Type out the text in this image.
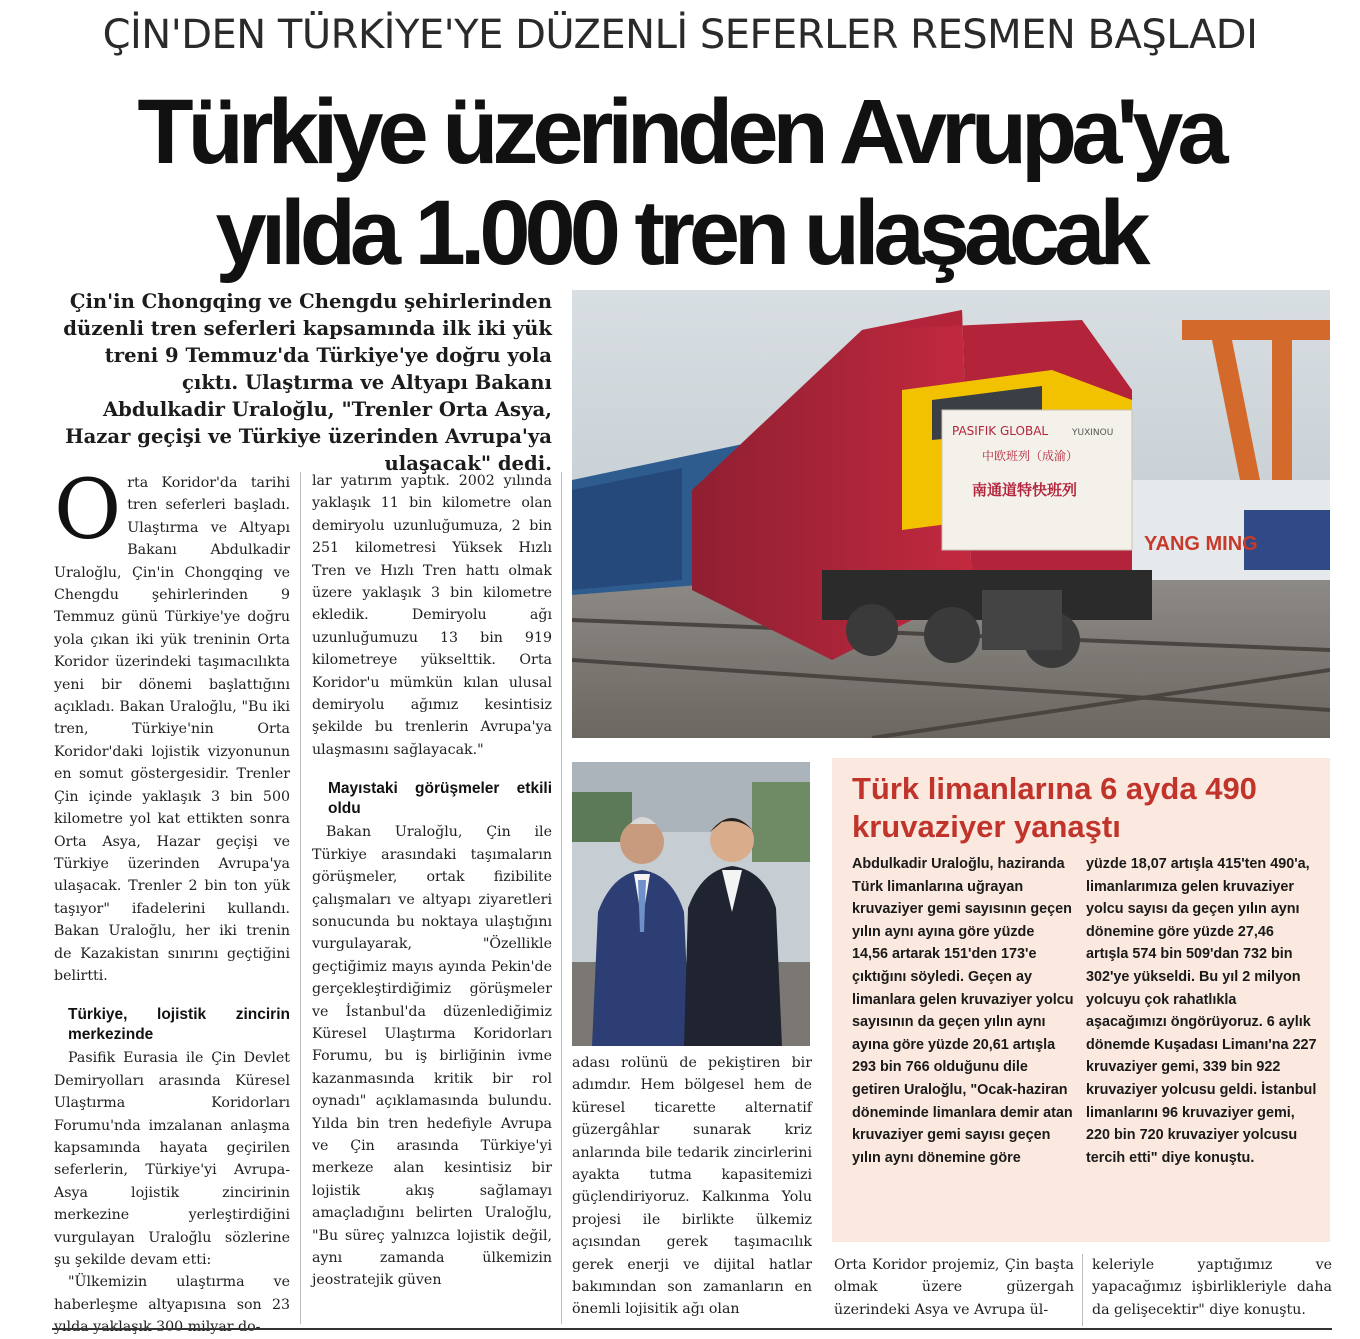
ÇİN'DEN TÜRKİYE'YE DÜZENLİ SEFERLER RESMEN BAŞLADI
Türkiye üzerinden Avrupa'ya
yılda 1.000 tren ulaşacak

Çin'in Chongqing ve Chengdu şehirlerinden düzenli tren seferleri kapsamında ilk iki yük treni 9 Temmuz'da Türkiye'ye doğru yola çıktı. Ulaştırma ve Altyapı Bakanı Abdulkadir Uraloğlu, "Trenler Orta Asya, Hazar geçişi ve Türkiye üzerinden Avrupa'ya ulaşacak" dedi.

O rta Koridor'da tarihi tren seferleri başladı. Ulaştırma ve Altyapı Bakanı Abdulkadir Uraloğlu, Çin'in Chongqing ve Chengdu şehirlerinden 9 Temmuz günü Türkiye'ye doğru yola çıkan iki yük treninin Orta Koridor üzerindeki taşımacılıkta yeni bir dönemi başlattığını açıkladı. Bakan Uraloğlu, "Bu iki tren, Türkiye'nin Orta Koridor'daki lojistik vizyonunun en somut göstergesidir. Trenler Çin içinde yaklaşık 3 bin 500 kilometre yol kat ettikten sonra Orta Asya, Hazar geçişi ve Türkiye üzerinden Avrupa'ya ulaşacak. Trenler 2 bin ton yük taşıyor" ifadelerini kullandı. Bakan Uraloğlu, her iki trenin de Kazakistan sınırını geçtiğini belirtti.

Türkiye, lojistik zincirin merkezinde

Pasifik Eurasia ile Çin Devlet Demiryolları arasında Küresel Ulaştırma Koridorları Forumu'nda imzalanan anlaşma kapsamında hayata geçirilen seferlerin, Türkiye'yi Avrupa-Asya lojistik zincirinin merkezine yerleştirdiğini vurgulayan Uraloğlu sözlerine şu şekilde devam etti:

"Ülkemizin ulaştırma ve haberleşme altyapısına son 23

lar yatırım yaptık. 2002 yılında yaklaşık 11 bin kilometre olan demiryolu uzunluğumuza, 2 bin 251 kilometresi Yüksek Hızlı Tren ve Hızlı Tren hattı olmak üzere yaklaşık 3 bin kilometre ekledik. Demiryolu ağı uzunluğumuzu 13 bin 919 kilometreye yükselttik. Orta Koridor'u mümkün kılan ulusal demiryolu ağımız kesintisiz şekilde bu trenlerin Avrupa'ya ulaşmasını sağlayacak."

Mayıstaki görüşmeler etkili oldu

Bakan Uraloğlu, Çin ile Türkiye arasındaki taşımaların görüşmeler, ortak fizibilite çalışmaları ve altyapı ziyaretleri sonucunda bu noktaya ulaştığını vurgulayarak, "Özellikle geçtiğimiz mayıs ayında Pekin'de gerçekleştirdiğimiz görüşmeler ve İstanbul'da düzenlediğimiz Küresel Ulaştırma Koridorları Forumu, bu iş birliğinin ivme kazanmasında kritik bir rol oynadı" açıklamasında bulundu. Yılda bin tren hedefiyle Avrupa ve Çin arasında Türkiye'yi merkeze alan kesintisiz bir lojistik akış sağlamayı amaçladığını belirten Uraloğlu, "Bu süreç yalnızca lojistik değil, aynı zamanda ülkemizin jeostratejik güven

YANG MING
PASIFIK GLOBAL
中欧班列（成渝）
南通道特快班列
YUXINOU

adası rolünü de pekiştiren bir adımdır. Hem bölgesel hem de küresel ticarette alternatif güzergâhlar sunarak kriz anlarında bile tedarik zincirlerini ayakta tutma kapasitemizi güçlendiriyoruz. Kalkınma Yolu projesi ile birlikte ülkemiz açısından gerek taşımacılık gerek enerji ve dijital hatlar bakımından son zamanların en önemli lojisitik ağı olan

Türk limanlarına 6 ayda 490 kruvaziyer yanaştı

Abdulkadir Uraloğlu, haziranda Türk limanlarına uğrayan kruvaziyer gemi sayısının geçen yılın aynı ayına göre yüzde 14,56 artarak 151'den 173'e çıktığını söyledi. Geçen ay limanlara gelen kruvaziyer yolcu sayısının da geçen yılın aynı ayına göre yüzde 20,61 artışla 293 bin 766 olduğunu dile getiren Uraloğlu, "Ocak-haziran döneminde limanlara demir atan kruvaziyer gemi sayısı geçen yılın aynı dönemine göre

yüzde 18,07 artışla 415'ten 490'a, limanlarımıza gelen kruvaziyer yolcu sayısı da geçen yılın aynı dönemine göre yüzde 27,46 artışla 574 bin 509'dan 732 bin 302'ye yükseldi. Bu yıl 2 milyon yolcuyu çok rahatlıkla aşacağımızı öngörüyoruz. 6 aylık dönemde Kuşadası Limanı'na 227 kruvaziyer gemi, 339 bin 922 kruvaziyer yolcusu geldi. İstanbul limanlarını 96 kruvaziyer gemi, 220 bin 720 kruvaziyer yolcusu tercih etti" diye konuştu.

Orta Koridor projemiz, Çin başta olmak üzere güzergah üzerindeki Asya ve Avrupa ül-

keleriyle yaptığımız ve yapacağımız işbirlikleriyle daha da gelişecektir" diye konuştu.
